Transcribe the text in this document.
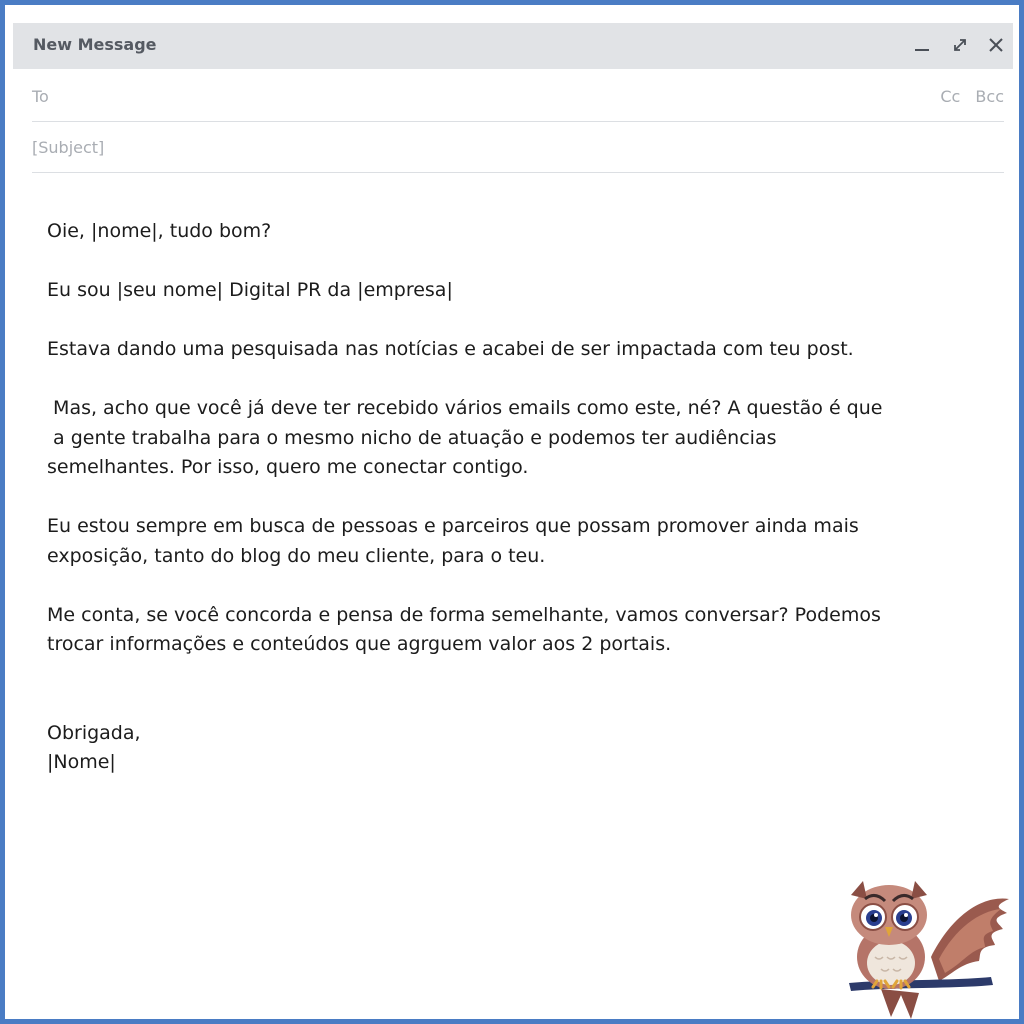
New Message
To	Cc Bcc
[Subject]

Oie, |nome|, tudo bom?

Eu sou |seu nome| Digital PR da |empresa|

Estava dando uma pesquisada nas notícias e acabei de ser impactada com teu post.

Mas, acho que você já deve ter recebido vários emails como este, né? A questão é que

a gente trabalha para o mesmo nicho de atuação e podemos ter audiências

semelhantes. Por isso, quero me conectar contigo.

Eu estou sempre em busca de pessoas e parceiros que possam promover ainda mais

exposição, tanto do blog do meu cliente, para o teu.

Me conta, se você concorda e pensa de forma semelhante, vamos conversar? Podemos

trocar informações e conteúdos que agrguem valor aos 2 portais.

Obrigada,

|Nome|
